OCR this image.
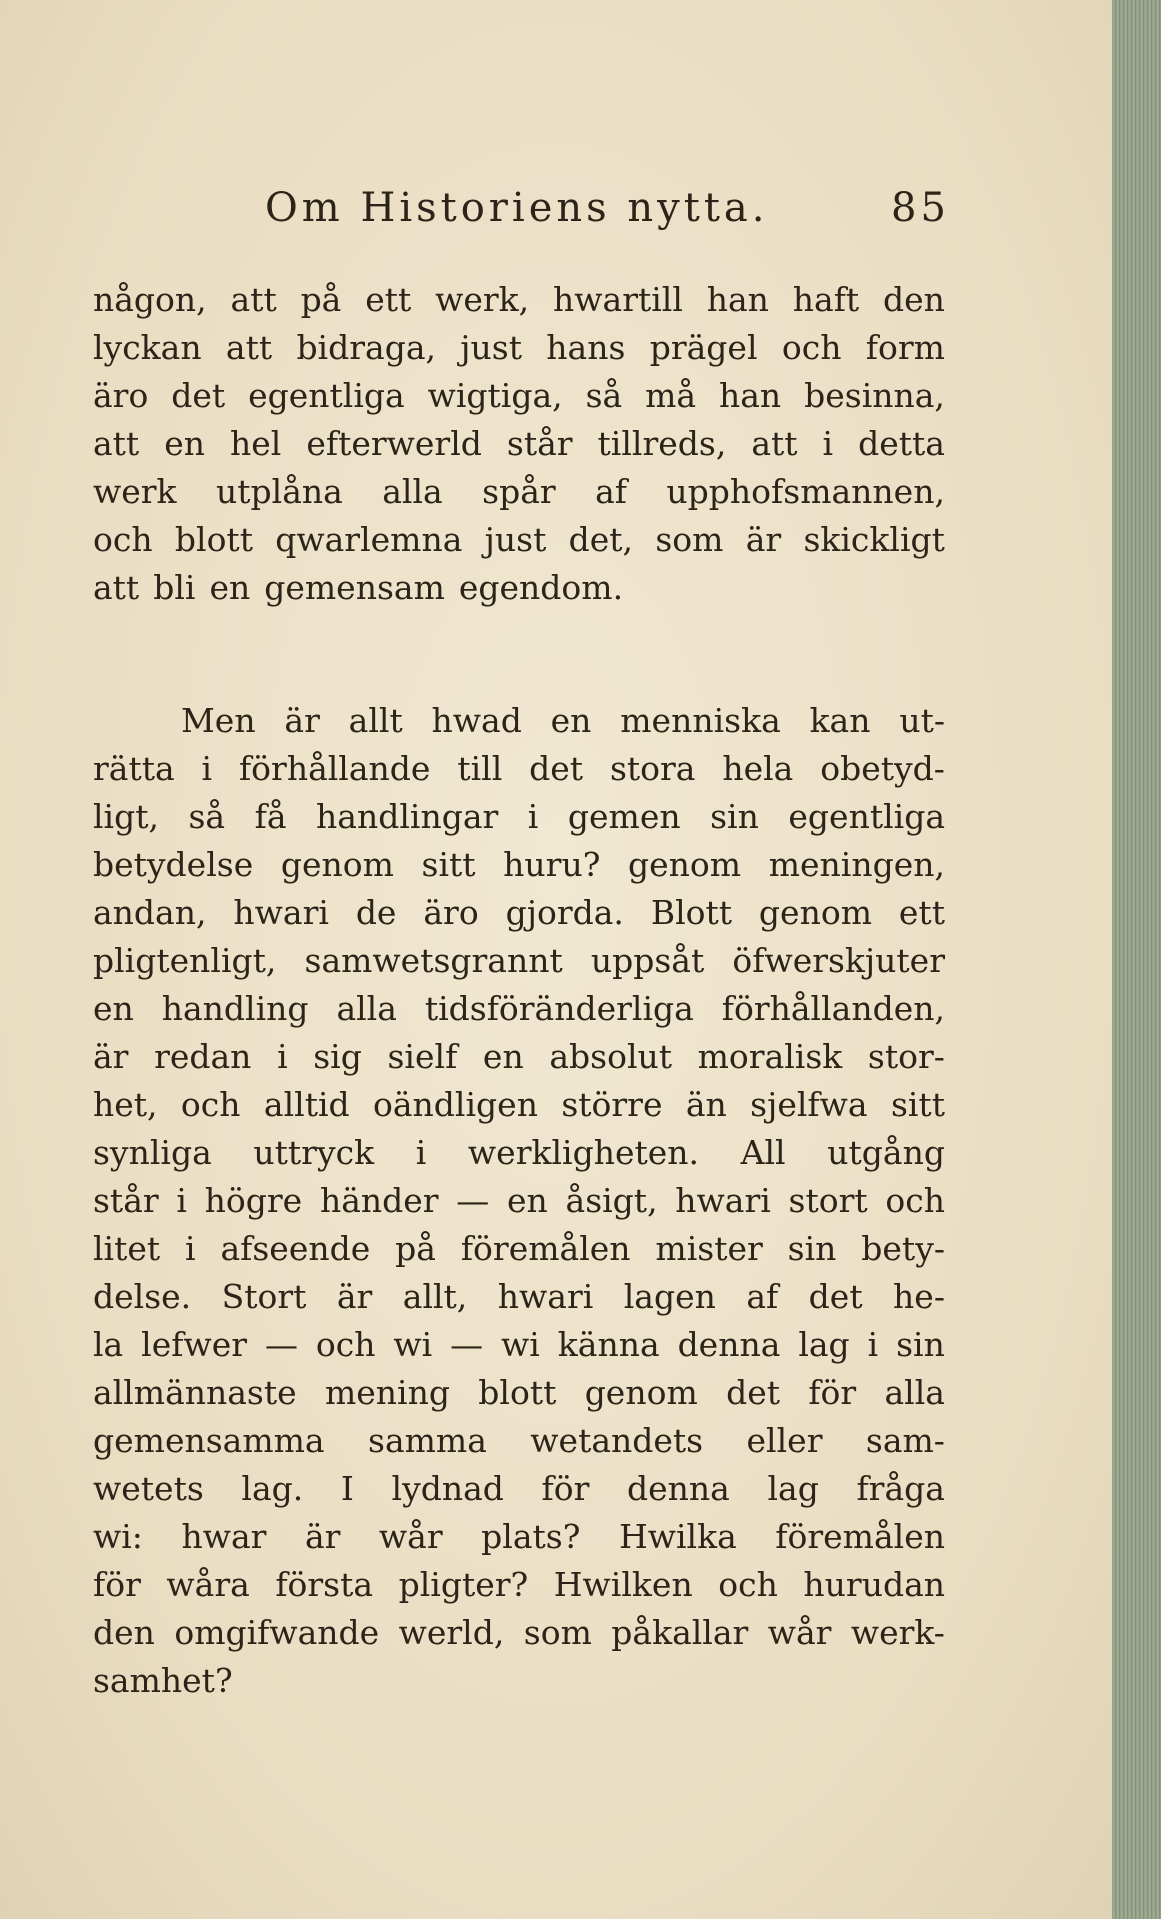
Om Historiens nytta.	85
någon, att på ett werk, hwartill han haft den
lyckan att bidraga, just hans prägel och form
äro det egentliga wigtiga, så må han besinna,
att en hel efterwerld står tillreds, att i detta
werk utplåna alla spår af upphofsmannen,
och blott qwarlemna just det, som är skickligt
att bli en gemensam egendom.
Men är allt hwad en menniska kan ut-
rätta i förhållande till det stora hela obetyd-
ligt, så få handlingar i gemen sin egentliga
betydelse genom sitt huru? genom meningen,
andan, hwari de äro gjorda. Blott genom ett
pligtenligt, samwetsgrannt uppsåt öfwerskjuter
en handling alla tidsföränderliga förhållanden,
är redan i sig sielf en absolut moralisk stor-
het, och alltid oändligen större än sjelfwa sitt
synliga uttryck i werkligheten. All utgång
står i högre händer — en åsigt, hwari stort och
litet i afseende på föremålen mister sin bety-
delse. Stort är allt, hwari lagen af det he-
la lefwer — och wi — wi känna denna lag i sin
allmännaste mening blott genom det för alla
gemensamma samma wetandets eller sam-
wetets lag. I lydnad för denna lag fråga
wi: hwar är wår plats? Hwilka föremålen
för wåra första pligter? Hwilken och hurudan
den omgifwande werld, som påkallar wår werk-
samhet?
